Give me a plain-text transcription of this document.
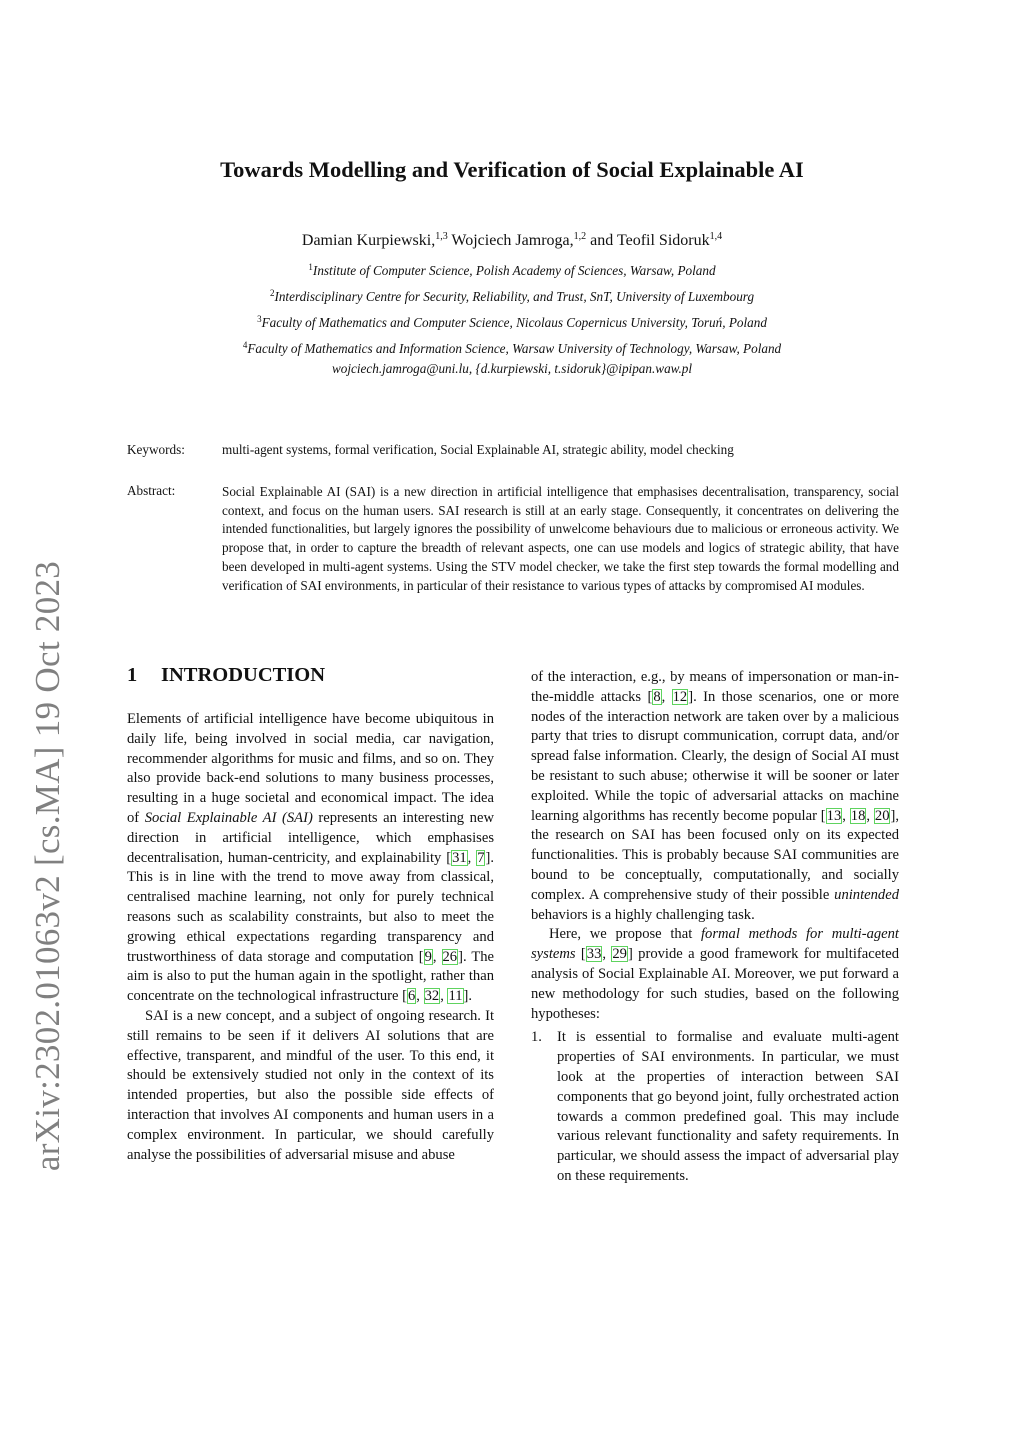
arXiv:2302.01063v2 [cs.MA] 19 Oct 2023
Towards Modelling and Verification of Social Explainable AI
Damian Kurpiewski,$^{1,3}$ Wojciech Jamroga,$^{1,2}$ and Teofil Sidoruk$^{1,4}$
$^1$Institute of Computer Science, Polish Academy of Sciences, Warsaw, Poland
$^2$Interdisciplinary Centre for Security, Reliability, and Trust, SnT, University of Luxembourg
$^3$Faculty of Mathematics and Computer Science, Nicolaus Copernicus University, Toruń, Poland
$^4$Faculty of Mathematics and Information Science, Warsaw University of Technology, Warsaw, Poland
wojciech.jamroga@uni.lu, {d.kurpiewski, t.sidoruk}@ipipan.waw.pl
Keywords:	multi-agent systems, formal verification, Social Explainable AI, strategic ability, model checking
Abstract:	Social Explainable AI (SAI) is a new direction in artificial intelligence that emphasises decentralisation, transparency, social context, and focus on the human users. SAI research is still at an early stage. Consequently, it concentrates on delivering the intended functionalities, but largely ignores the possibility of unwelcome behaviours due to malicious or erroneous activity. We propose that, in order to capture the breadth of relevant aspects, one can use models and logics of strategic ability, that have been developed in multi-agent systems. Using the STV model checker, we take the first step towards the formal modelling and verification of SAI environments, in particular of their resistance to various types of attacks by compromised AI modules.
1 INTRODUCTION

Elements of artificial intelligence have become ubiquitous in daily life, being involved in social media, car navigation, recommender algorithms for music and films, and so on. They also provide back-end solutions to many business processes, resulting in a huge societal and economical impact. The idea of Social Explainable AI (SAI) represents an interesting new direction in artificial intelligence, which emphasises decentralisation, human-centricity, and explainability [31, 7]. This is in line with the trend to move away from classical, centralised machine learning, not only for purely technical reasons such as scalability constraints, but also to meet the growing ethical expectations regarding transparency and trustworthiness of data storage and computation [9, 26]. The aim is also to put the human again in the spotlight, rather than concentrate on the technological infrastructure [6, 32, 11].

SAI is a new concept, and a subject of ongoing research. It still remains to be seen if it delivers AI solutions that are effective, transparent, and mindful of the user. To this end, it should be extensively studied not only in the context of its intended properties, but also the possible side effects of interaction that involves AI components and human users in a complex environment. In particular, we should carefully analyse the possibilities of adversarial misuse and abuse

of the interaction, e.g., by means of impersonation or man-in-the-middle attacks [8, 12]. In those scenarios, one or more nodes of the interaction network are taken over by a malicious party that tries to disrupt communication, corrupt data, and/or spread false information. Clearly, the design of Social AI must be resistant to such abuse; otherwise it will be sooner or later exploited. While the topic of adversarial attacks on machine learning algorithms has recently become popular [13, 18, 20], the research on SAI has been focused only on its expected functionalities. This is probably because SAI communities are bound to be conceptually, computationally, and socially complex. A comprehensive study of their possible unintended behaviors is a highly challenging task.

Here, we propose that formal methods for multi-agent systems [33, 29] provide a good framework for multifaceted analysis of Social Explainable AI. Moreover, we put forward a new methodology for such studies, based on the following hypotheses:

1.	It is essential to formalise and evaluate multi-agent properties of SAI environments. In particular, we must look at the properties of interaction between SAI components that go beyond joint, fully orchestrated action towards a common predefined goal. This may include various relevant functionality and safety requirements. In particular, we should assess the impact of adversarial play on these requirements.
